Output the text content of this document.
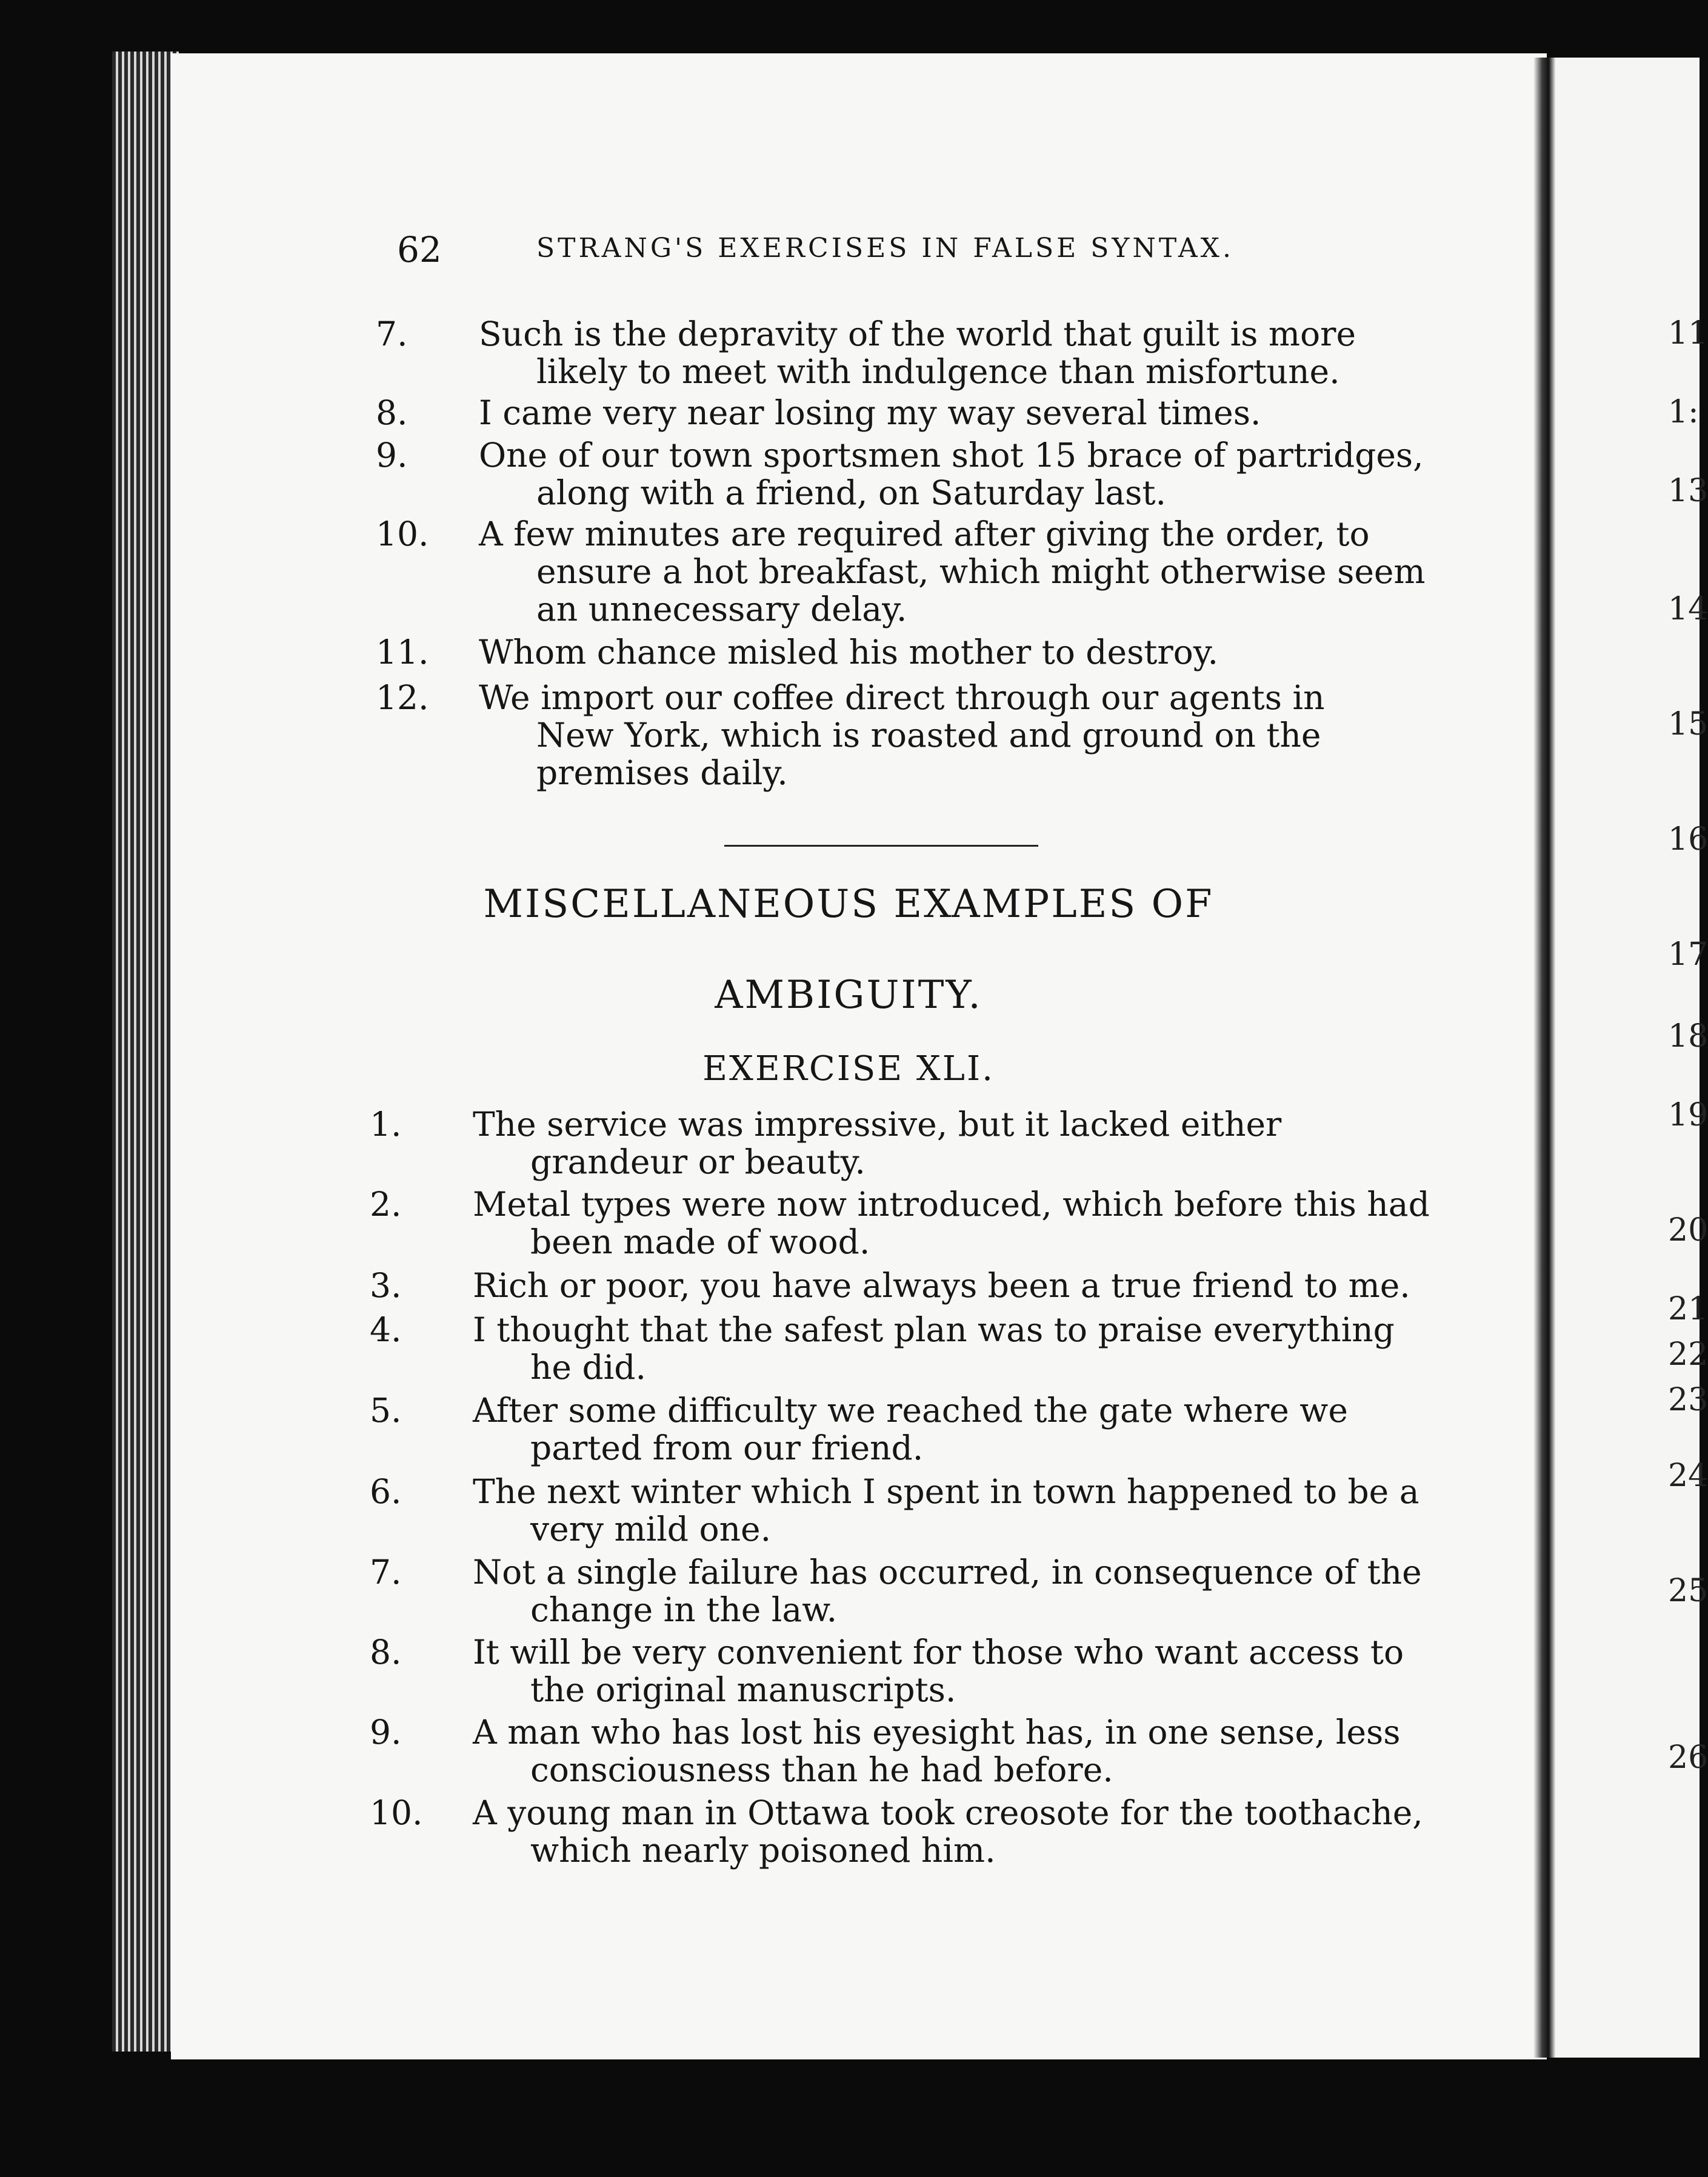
62	STRANG'S EXERCISES IN FALSE SYNTAX.
7.	Such is the depravity of the world that guilt is more
likely to meet with indulgence than misfortune.
8.	I came very near losing my way several times.
9.	One of our town sportsmen shot 15 brace of partridges,
along with a friend, on Saturday last.
10.	A few minutes are required after giving the order, to
ensure a hot breakfast, which might otherwise seem
an unnecessary delay.
11.	Whom chance misled his mother to destroy.
12.	We import our coffee direct through our agents in
New York, which is roasted and ground on the
premises daily.
MISCELLANEOUS EXAMPLES OF
AMBIGUITY.
EXERCISE XLI.
1.	The service was impressive, but it lacked either
grandeur or beauty.
2.	Metal types were now introduced, which before this had
been made of wood.
3.	Rich or poor, you have always been a true friend to me.
4.	I thought that the safest plan was to praise everything
he did.
5.	After some difficulty we reached the gate where we
parted from our friend.
6.	The next winter which I spent in town happened to be a
very mild one.
7.	Not a single failure has occurred, in consequence of the
change in the law.
8.	It will be very convenient for those who want access to
the original manuscripts.
9.	A man who has lost his eyesight has, in one sense, less
consciousness than he had before.
10.	A young man in Ottawa took creosote for the toothache,
which nearly poisoned him.
11
1:
13
14
15
16
17
18
19
20
21
22
23
24
25
26
